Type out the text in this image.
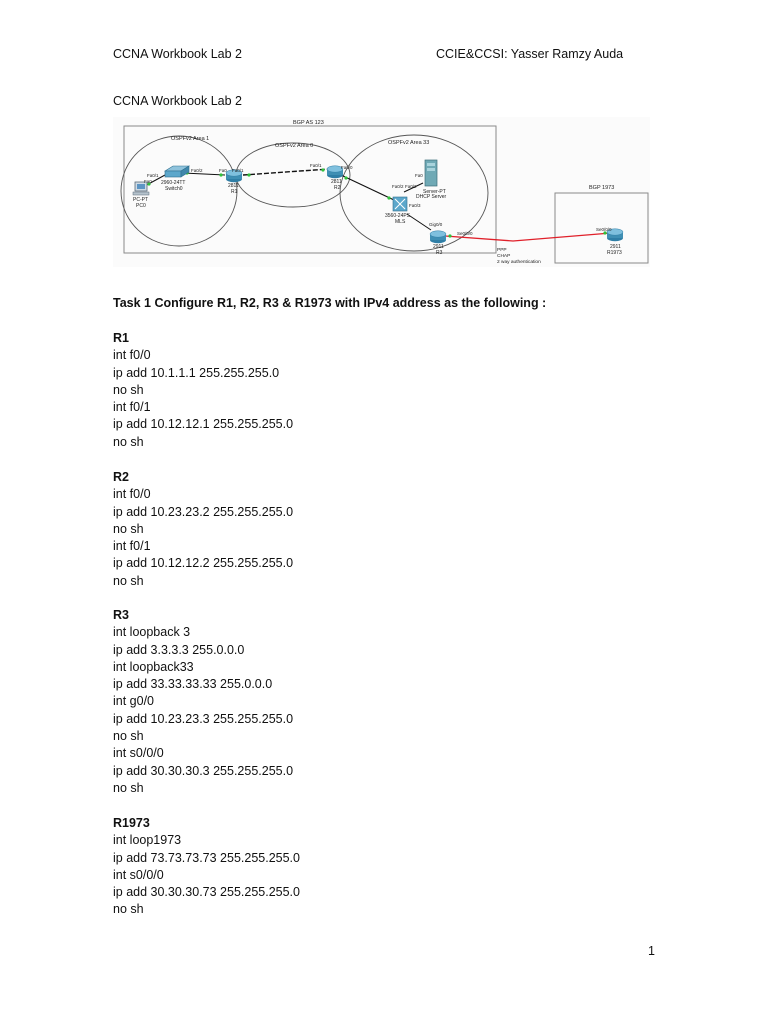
CCNA Workbook Lab 2	CCIE&CCSI: Yasser Ramzy Auda
CCNA Workbook Lab 2
BGP AS 123
OSPFv2 Area 1
OSPFv2 Area 0	OSPFv2 Area 33
BGP 1973
PC-PT
PC0
2960-24TT
Switch0	2811
R1
2811
R2
3560-24PS
MLS
Server-PT
DHCP Server
2911
R3
2911
R1973
Fa0
Fa0/1
Fa0/2	Fa0 Fa0/1
Fa0/1	Fa0/0
Fa0
Fa0/2 Fa0/2
Fa0/3
Gig0/0
Se0/0/0
Se0/0/0
PPP
CHAP
2 way authentication
Task 1 Configure R1, R2, R3 & R1973 with IPv4 address as the following :
R1
int f0/0
ip add 10.1.1.1 255.255.255.0
no sh
int f0/1
ip add 10.12.12.1 255.255.255.0
no sh
R2
int f0/0
ip add 10.23.23.2 255.255.255.0
no sh
int f0/1
ip add 10.12.12.2 255.255.255.0
no sh
R3
int loopback 3
ip add 3.3.3.3 255.0.0.0
int loopback33
ip add 33.33.33.33 255.0.0.0
int g0/0
ip add 10.23.23.3 255.255.255.0
no sh
int s0/0/0
ip add 30.30.30.3 255.255.255.0
no sh
R1973
int loop1973
ip add 73.73.73.73 255.255.255.0
int s0/0/0
ip add 30.30.30.73 255.255.255.0
no sh
1
